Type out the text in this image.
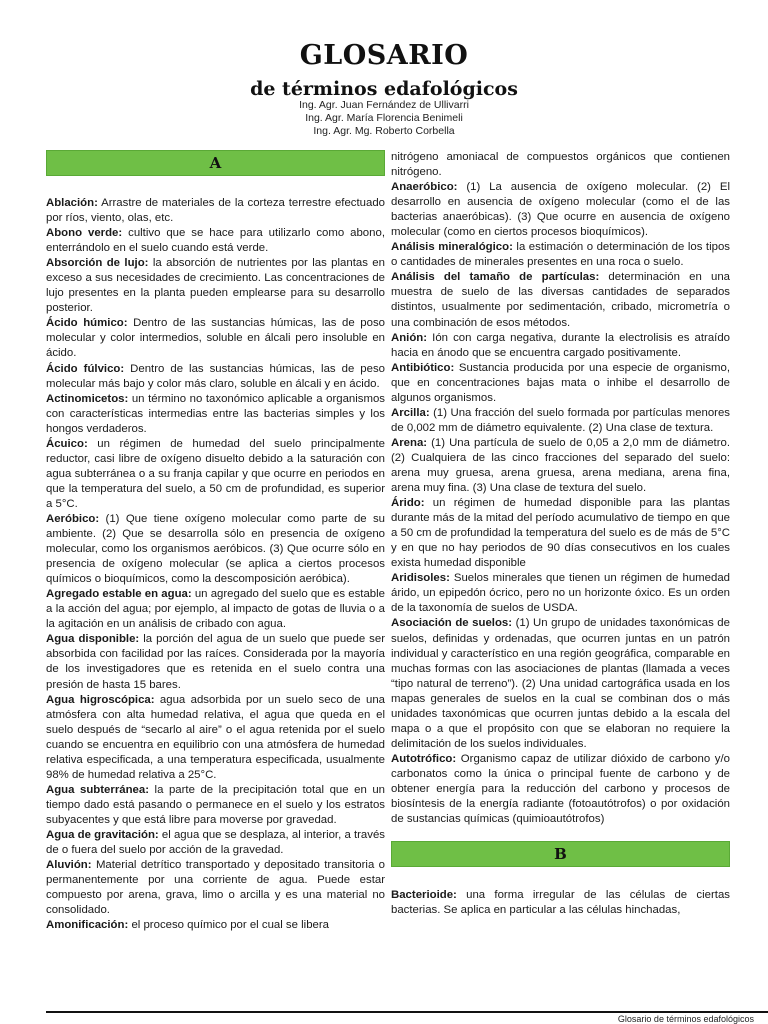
GLOSARIO
de términos edafológicos
Ing. Agr. Juan Fernández de Ullivarri
Ing. Agr. María Florencia Benimeli
Ing. Agr. Mg. Roberto Corbella
A

Ablación: Arrastre de materiales de la corteza terrestre efectuado por ríos, viento, olas, etc.

Abono verde: cultivo que se hace para utilizarlo como abono, enterrándolo en el suelo cuando está verde.

Absorción de lujo: la absorción de nutrientes por las plantas en exceso a sus necesidades de crecimiento. Las concentraciones de lujo presentes en la planta pueden emplearse para su desarrollo posterior.

Ácido húmico: Dentro de las sustancias húmicas, las de poso molecular y color intermedios, soluble en álcali pero insoluble en ácido.

Ácido fúlvico: Dentro de las sustancias húmicas, las de peso molecular más bajo y color más claro, soluble en álcali y en ácido.

Actinomicetos: un término no taxonómico aplicable a organismos con características intermedias entre las bacterias simples y los hongos verdaderos.

Ácuico: un régimen de humedad del suelo principalmente reductor, casi libre de oxígeno disuelto debido a la saturación con agua subterránea o a su franja capilar y que ocurre en periodos en que la temperatura del suelo, a 50 cm de profundidad, es superior a 5°C.

Aeróbico: (1) Que tiene oxígeno molecular como parte de su ambiente. (2) Que se desarrolla sólo en presencia de oxígeno molecular, como los organismos aeróbicos. (3) Que ocurre sólo en presencia de oxígeno molecular (se aplica a ciertos procesos químicos o bioquímicos, como la descomposición aeróbica).

Agregado estable en agua: un agregado del suelo que es estable a la acción del agua; por ejemplo, al impacto de gotas de lluvia o a la agitación en un análisis de cribado con agua.

Agua disponible: la porción del agua de un suelo que puede ser absorbida con facilidad por las raíces. Considerada por la mayoría de los investigadores que es retenida en el suelo contra una presión de hasta 15 bares.

Agua higroscópica: agua adsorbida por un suelo seco de una atmósfera con alta humedad relativa, el agua que queda en el suelo después de “secarlo al aire” o el agua retenida por el suelo cuando se encuentra en equilibrio con una atmósfera de humedad relativa especificada, a una temperatura especificada, usualmente 98% de humedad relativa a 25°C.

Agua subterránea: la parte de la precipitación total que en un tiempo dado está pasando o permanece en el suelo y los estratos subyacentes y que está libre para moverse por gravedad.

Agua de gravitación: el agua que se desplaza, al interior, a través de o fuera del suelo por acción de la gravedad.

Aluvión: Material detrítico transportado y depositado transitoria o permanentemente por una corriente de agua. Puede estar compuesto por arena, grava, limo o arcilla y es una material no consolidado.

Amonificación: el proceso químico por el cual se libera

nitrógeno amoniacal de compuestos orgánicos que contienen nitrógeno.

Anaeróbico: (1) La ausencia de oxígeno molecular. (2) El desarrollo en ausencia de oxígeno molecular (como el de las bacterias anaeróbicas). (3) Que ocurre en ausencia de oxígeno molecular (como en ciertos procesos bioquímicos).

Análisis mineralógico: la estimación o determinación de los tipos o cantidades de minerales presentes en una roca o suelo.

Análisis del tamaño de partículas: determinación en una muestra de suelo de las diversas cantidades de separados distintos, usualmente por sedimentación, cribado, micrometría o una combinación de esos métodos.

Anión: Ión con carga negativa, durante la electrolisis es atraído hacia en ánodo que se encuentra cargado positivamente.

Antibiótico: Sustancia producida por una especie de organismo, que en concentraciones bajas mata o inhibe el desarrollo de algunos organismos.

Arcilla: (1) Una fracción del suelo formada por partículas menores de 0,002 mm de diámetro equivalente. (2) Una clase de textura.

Arena: (1) Una partícula de suelo de 0,05 a 2,0 mm de diámetro. (2) Cualquiera de las cinco fracciones del separado del suelo: arena muy gruesa, arena gruesa, arena mediana, arena fina, arena muy fina. (3) Una clase de textura del suelo.

Árido: un régimen de humedad disponible para las plantas durante más de la mitad del período acumulativo de tiempo en que a 50 cm de profundidad la temperatura del suelo es de más de 5°C y en que no hay periodos de 90 días consecutivos en los cuales exista humedad disponible

Aridisoles: Suelos minerales que tienen un régimen de humedad árido, un epipedón ócrico, pero no un horizonte óxico. Es un orden de la taxonomía de suelos de USDA.

Asociación de suelos: (1) Un grupo de unidades taxonómicas de suelos, definidas y ordenadas, que ocurren juntas en un patrón individual y característico en una región geográfica, comparable en muchas formas con las asociaciones de plantas (llamada a veces “tipo natural de terreno”). (2) Una unidad cartográfica usada en los mapas generales de suelos en la cual se combinan dos o más unidades taxonómicas que ocurren juntas debido a la escala del mapa o a que el propósito con que se elaboran no requiere la delimitación de los suelos individuales.

Autotrófico: Organismo capaz de utilizar dióxido de carbono y/o carbonatos como la única o principal fuente de carbono y de obtener energía para la reducción del carbono y procesos de biosíntesis de la energía radiante (fotoautótrofos) o por oxidación de sustancias químicas (quimioautótrofos)

B

Bacterioide: una forma irregular de las células de ciertas bacterias. Se aplica en particular a las células hinchadas,

Glosario de términos edafológicos
